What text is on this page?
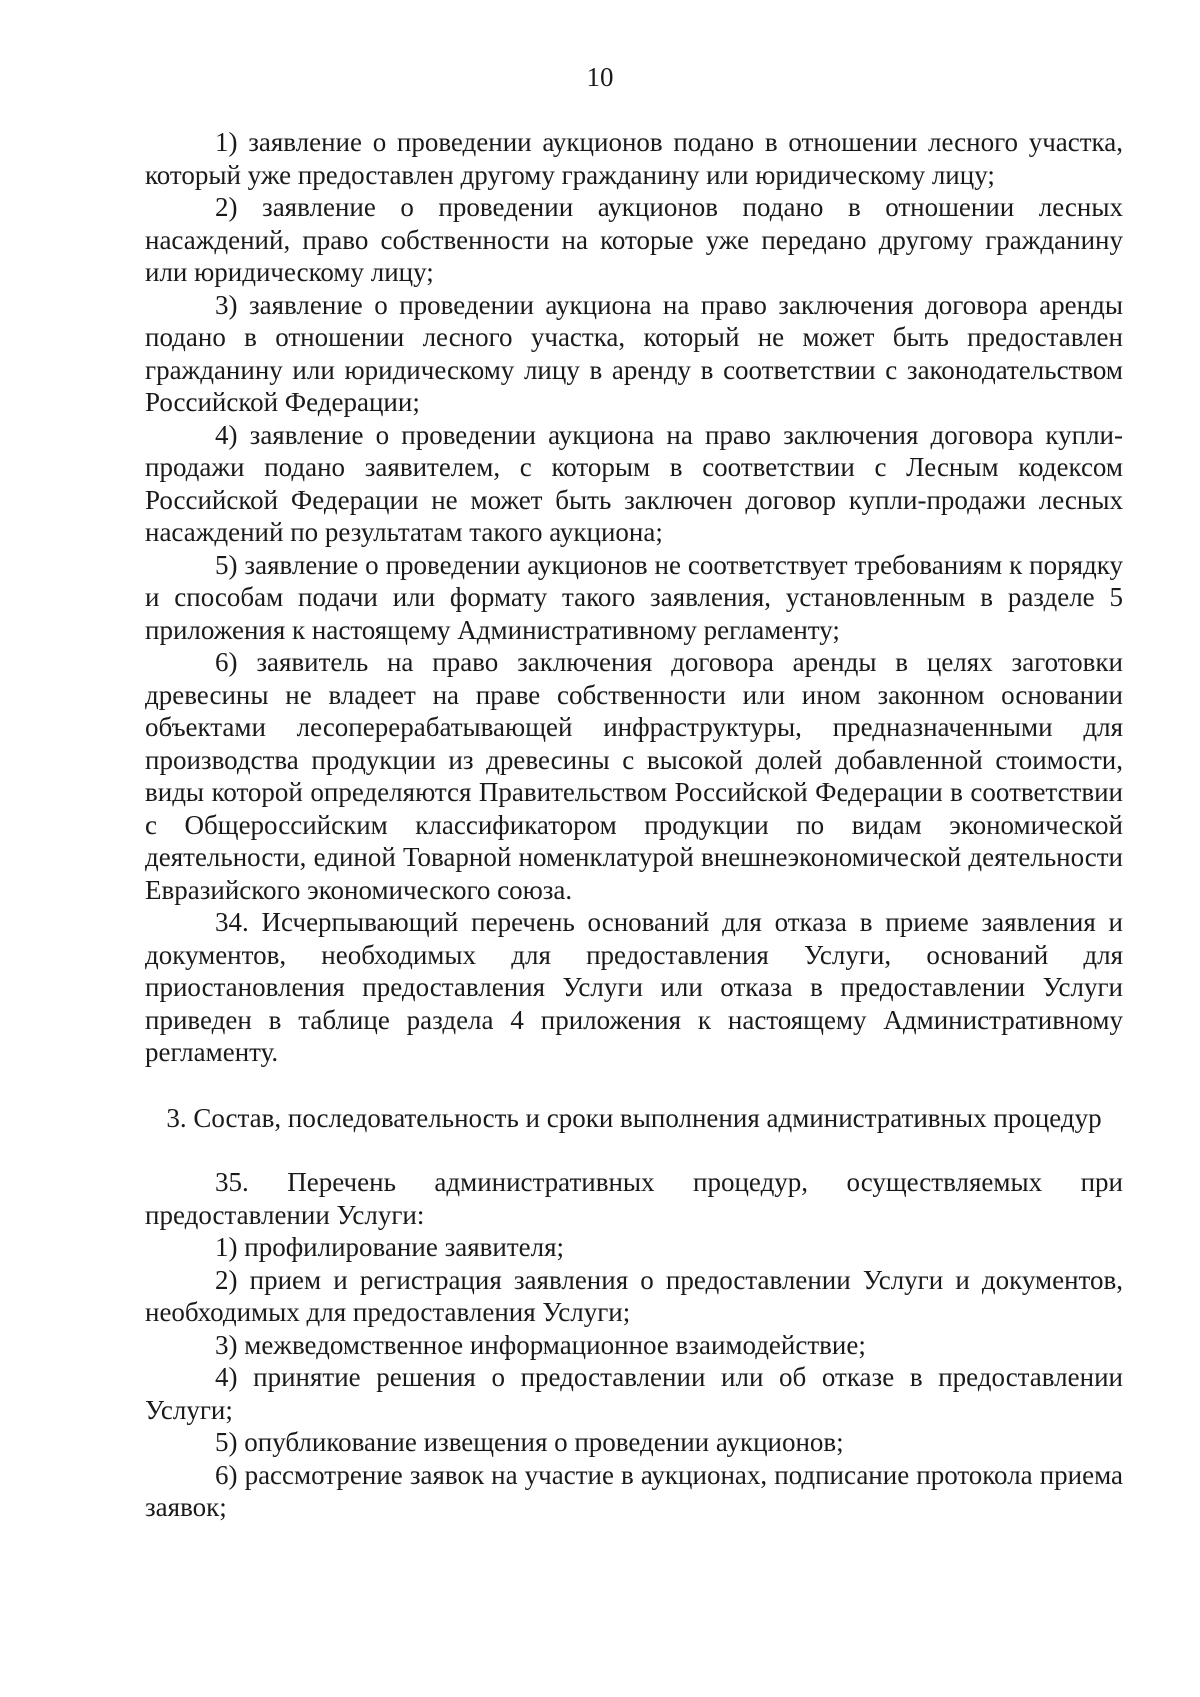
10

1) заявление о проведении аукционов подано в отношении лесного участка, который уже предоставлен другому гражданину или юридическому лицу;

2) заявление о проведении аукционов подано в отношении лесных насаждений, право собственности на которые уже передано другому гражданину или юридическому лицу;

3) заявление о проведении аукциона на право заключения договора аренды подано в отношении лесного участка, который не может быть предоставлен гражданину или юридическому лицу в аренду в соответствии с законодательством Российской Федерации;

4) заявление о проведении аукциона на право заключения договора купли-продажи подано заявителем, с которым в соответствии с Лесным кодексом Российской Федерации не может быть заключен договор купли-продажи лесных насаждений по результатам такого аукциона;

5) заявление о проведении аукционов не соответствует требованиям к порядку и способам подачи или формату такого заявления, установленным в разделе 5 приложения к настоящему Административному регламенту;

6) заявитель на право заключения договора аренды в целях заготовки древесины не владеет на праве собственности или ином законном основании объектами лесоперерабатывающей инфраструктуры, предназначенными для производства продукции из древесины с высокой долей добавленной стоимости, виды которой определяются Правительством Российской Федерации в соответствии с Общероссийским классификатором продукции по видам экономической деятельности, единой Товарной номенклатурой внешнеэкономической деятельности Евразийского экономического союза.

34. Исчерпывающий перечень оснований для отказа в приеме заявления и документов, необходимых для предоставления Услуги, оснований для приостановления предоставления Услуги или отказа в предоставлении Услуги приведен в таблице раздела 4 приложения к настоящему Административному регламенту.

3. Состав, последовательность и сроки выполнения административных процедур

35. Перечень административных процедур, осуществляемых при предоставлении Услуги:

1) профилирование заявителя;

2) прием и регистрация заявления о предоставлении Услуги и документов, необходимых для предоставления Услуги;

3) межведомственное информационное взаимодействие;

4) принятие решения о предоставлении или об отказе в предоставлении Услуги;

5) опубликование извещения о проведении аукционов;

6) рассмотрение заявок на участие в аукционах, подписание протокола приема заявок;
